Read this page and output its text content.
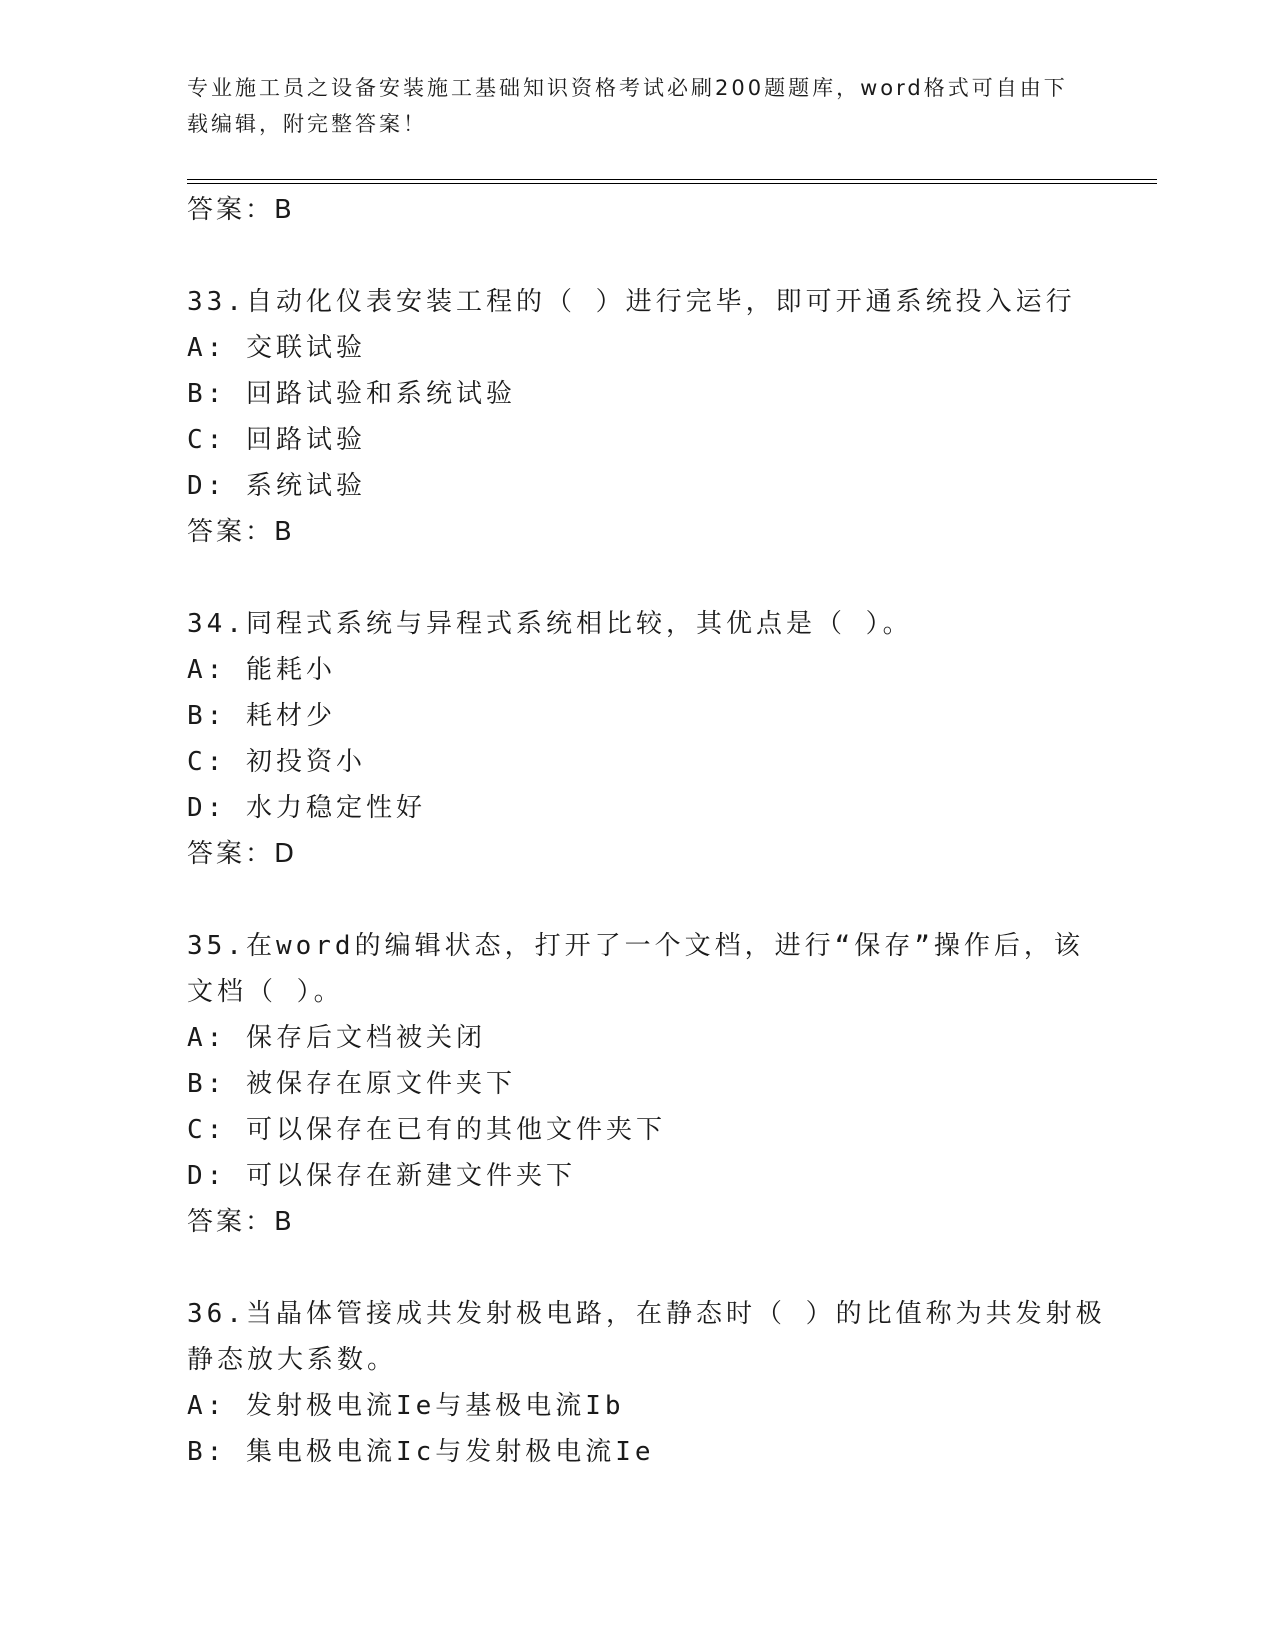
专业施工员之设备安装施工基础知识资格考试必刷200题题库，word格式可自由下载编辑，附完整答案！
答案：B
33.自动化仪表安装工程的（ ）进行完毕，即可开通系统投入运行
A: 交联试验
B: 回路试验和系统试验
C: 回路试验
D: 系统试验
答案：B
34.同程式系统与异程式系统相比较，其优点是（ ）。
A: 能耗小
B: 耗材少
C: 初投资小
D: 水力稳定性好
答案：D
35.在word的编辑状态，打开了一个文档，进行“保存”操作后，该
文档（ ）。
A: 保存后文档被关闭
B: 被保存在原文件夹下
C: 可以保存在已有的其他文件夹下
D: 可以保存在新建文件夹下
答案：B
36.当晶体管接成共发射极电路，在静态时（ ）的比值称为共发射极
静态放大系数。
A: 发射极电流Ie与基极电流Ib
B: 集电极电流Ic与发射极电流Ie
